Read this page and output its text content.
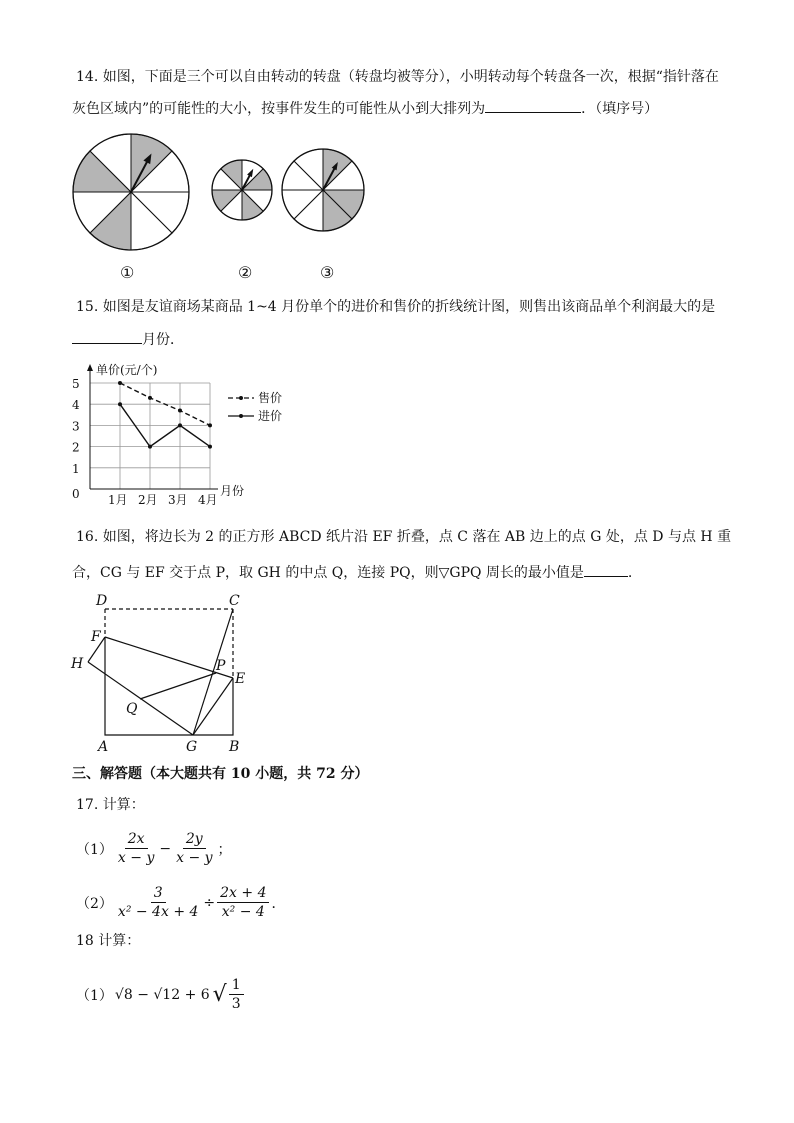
14. 如图，下面是三个可以自由转动的转盘（转盘均被等分），小明转动每个转盘各一次，根据“指针落在
灰色区域内”的可能性的大小，按事件发生的可能性从小到大排列为	．（填序号）
①	②	③
15. 如图是友谊商场某商品 1~4 月份单个的进价和售价的折线统计图，则售出该商品单个利润最大的是
月份．
单价(元/个)
月份
5
4
3
2
1
0 1月 2月 3月 4月
售价
进价
16. 如图，将边长为 2 的正方形 ABCD 纸片沿 EF 折叠，点 C 落在 AB 边上的点 G 处，点 D 与点 H 重
合，CG 与 EF 交于点 P，取 GH 的中点 Q，连接 PQ，则▽GPQ 周长的最小值是	.
D	C
F
H	P
E
Q
A	G B
三、解答题（本大题共有 10 小题，共 72 分）
17. 计算：
$(1) \frac{2x}{x - y} - \frac{2y}{x - y}$ ；
$(2) \frac{3}{\text{x² − 4x + 4}} \div \frac{2x + 4}{\text{x² − 4}}$ ．
18 计算：
（1） √8 − √12 + 6 √ $\frac{1}{3}$
